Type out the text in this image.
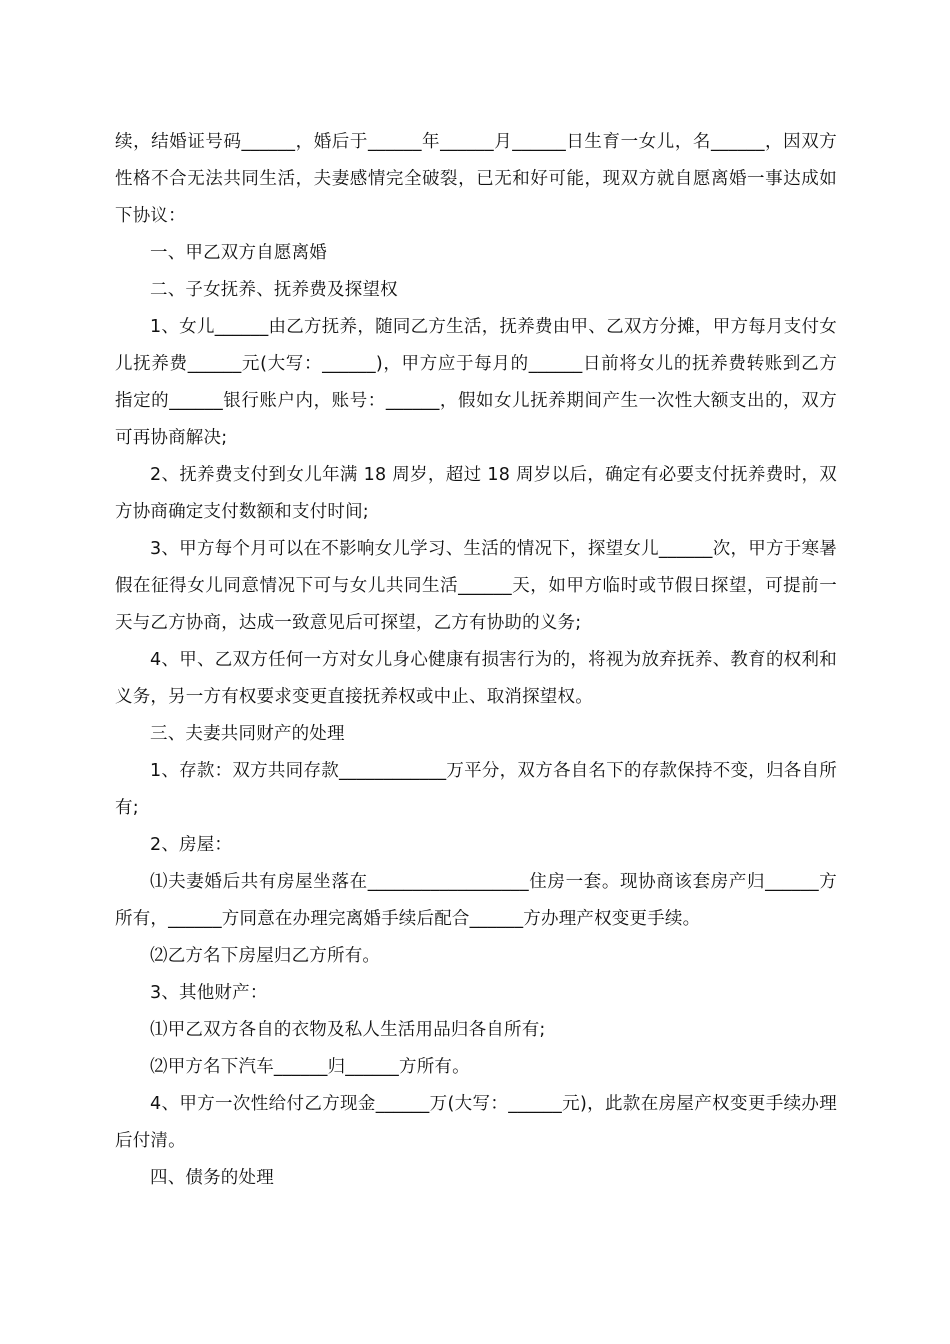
续，结婚证号码______，婚后于______年______月______日生育一女儿，名______，因双方性格不合无法共同生活，夫妻感情完全破裂，已无和好可能，现双方就自愿离婚一事达成如下协议：

一、甲乙双方自愿离婚

二、子女抚养、抚养费及探望权

1、女儿______由乙方抚养，随同乙方生活，抚养费由甲、乙双方分摊，甲方每月支付女儿抚养费______元(大写：______)，甲方应于每月的______日前将女儿的抚养费转账到乙方指定的______银行账户内，账号：______，假如女儿抚养期间产生一次性大额支出的，双方可再协商解决;

2、抚养费支付到女儿年满 18 周岁，超过 18 周岁以后，确定有必要支付抚养费时，双方协商确定支付数额和支付时间;

3、甲方每个月可以在不影响女儿学习、生活的情况下，探望女儿______次，甲方于寒暑假在征得女儿同意情况下可与女儿共同生活______天，如甲方临时或节假日探望，可提前一天与乙方协商，达成一致意见后可探望，乙方有协助的义务;

4、甲、乙双方任何一方对女儿身心健康有损害行为的，将视为放弃抚养、教育的权利和义务，另一方有权要求变更直接抚养权或中止、取消探望权。

三、夫妻共同财产的处理

1、存款：双方共同存款____________万平分，双方各自名下的存款保持不变，归各自所有;

2、房屋：

⑴夫妻婚后共有房屋坐落在__________________住房一套。现协商该套房产归______方所有，______方同意在办理完离婚手续后配合______方办理产权变更手续。

⑵乙方名下房屋归乙方所有。

3、其他财产：

⑴甲乙双方各自的衣物及私人生活用品归各自所有;

⑵甲方名下汽车______归______方所有。

4、甲方一次性给付乙方现金______万(大写：______元)，此款在房屋产权变更手续办理后付清。

四、债务的处理
